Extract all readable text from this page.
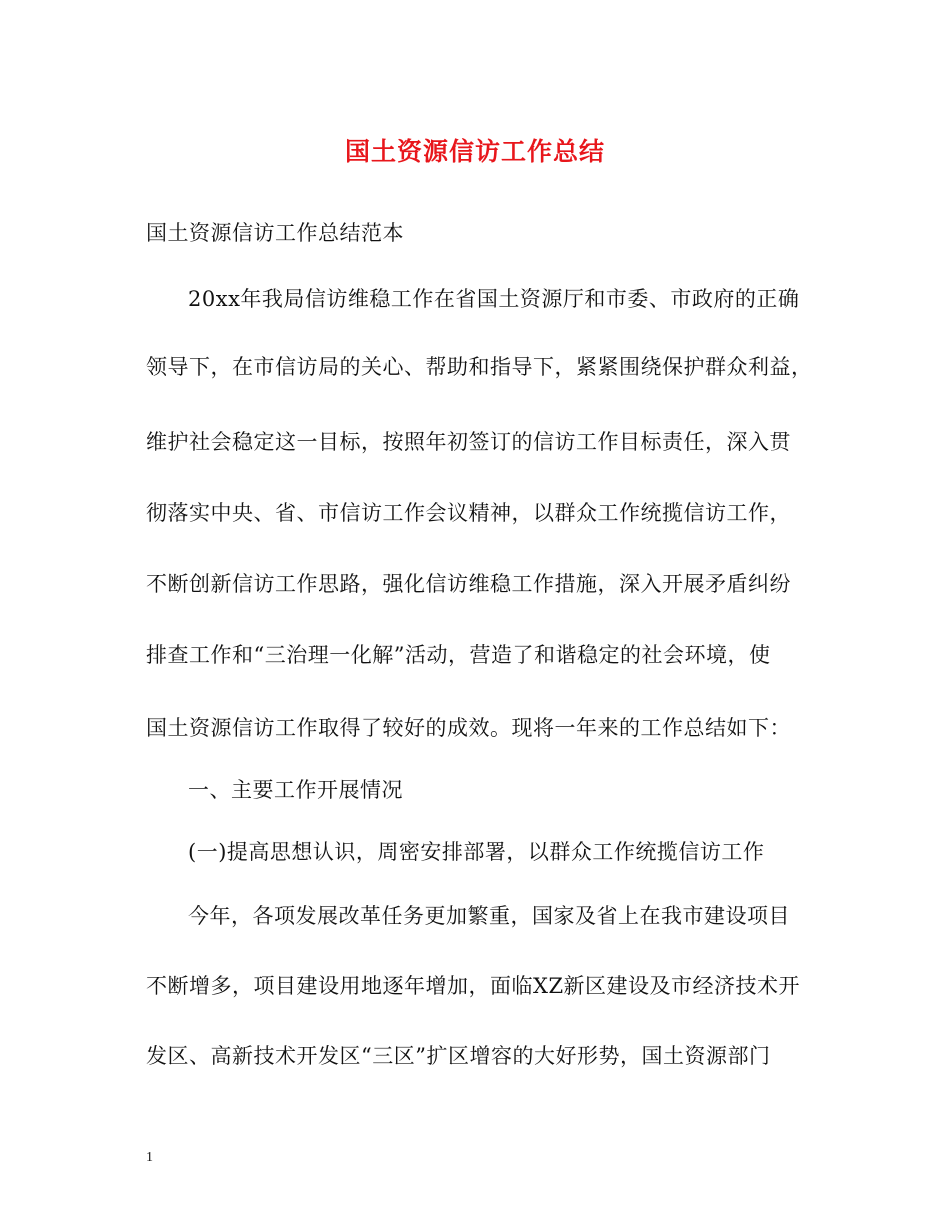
国土资源信访工作总结
国土资源信访工作总结范本
20xx年我局信访维稳工作在省国土资源厅和市委、市政府的正确
领导下，在市信访局的关心、帮助和指导下，紧紧围绕保护群众利益，
维护社会稳定这一目标，按照年初签订的信访工作目标责任，深入贯
彻落实中央、省、市信访工作会议精神，以群众工作统揽信访工作，
不断创新信访工作思路，强化信访维稳工作措施，深入开展矛盾纠纷
排查工作和“三治理一化解”活动，营造了和谐稳定的社会环境，使
国土资源信访工作取得了较好的成效。现将一年来的工作总结如下：
一、主要工作开展情况
(一)提高思想认识，周密安排部署，以群众工作统揽信访工作
今年，各项发展改革任务更加繁重，国家及省上在我市建设项目
不断增多，项目建设用地逐年增加，面临XZ新区建设及市经济技术开
发区、高新技术开发区“三区”扩区增容的大好形势，国土资源部门
1
